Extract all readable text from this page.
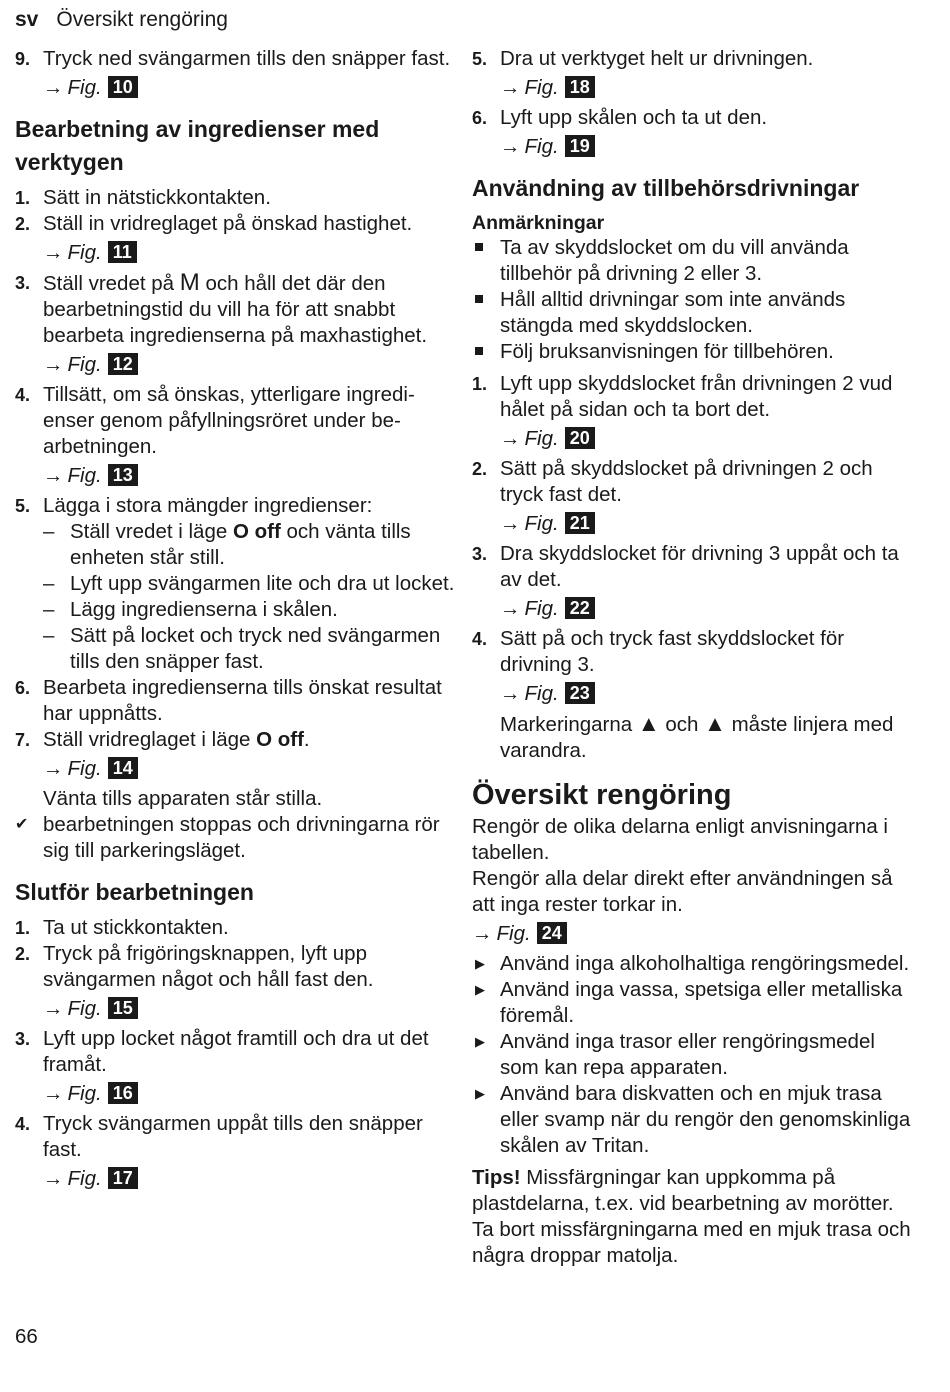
sv Översikt rengöring
9. Tryck ned svängarmen tills den snäpper fast.
→ Fig. 10
Bearbetning av ingredienser med verktygen
1. Sätt in nätstickkontakten.
2. Ställ in vridreglaget på önskad hastighet.
→ Fig. 11
3. Ställ vredet på M och håll det där den bearbetningstid du vill ha för att snabbt bearbeta ingredienserna på maxhastighet.
→ Fig. 12
4. Tillsätt, om så önskas, ytterligare ingredienser genom påfyllningsröret under bearbetningen.
→ Fig. 13
5. Lägga i stora mängder ingredienser:
– Ställ vredet i läge O off och vänta tills enheten står still.
– Lyft upp svängarmen lite och dra ut locket.
– Lägg ingredienserna i skålen.
– Sätt på locket och tryck ned svängarmen tills den snäpper fast.
6. Bearbeta ingredienserna tills önskat resultat har uppnåtts.
7. Ställ vridreglaget i läge O off.
→ Fig. 14
Vänta tills apparaten står stilla.
✔ bearbetningen stoppas och drivningarna rör sig till parkeringsläget.
Slutför bearbetningen
1. Ta ut stickkontakten.
2. Tryck på frigöringsknappen, lyft upp svängarmen något och håll fast den.
→ Fig. 15
3. Lyft upp locket något framtill och dra ut det framåt.
→ Fig. 16
4. Tryck svängarmen uppåt tills den snäpper fast.
→ Fig. 17
5. Dra ut verktyget helt ur drivningen.
→ Fig. 18
6. Lyft upp skålen och ta ut den.
→ Fig. 19
Användning av tillbehörsdrivningar
Anmärkningar
Ta av skyddslocket om du vill använda tillbehör på drivning 2 eller 3.
Håll alltid drivningar som inte används stängda med skyddslocken.
Följ bruksanvisningen för tillbehören.
1. Lyft upp skyddslocket från drivningen 2 vud hålet på sidan och ta bort det.
→ Fig. 20
2. Sätt på skyddslocket på drivningen 2 och tryck fast det.
→ Fig. 21
3. Dra skyddslocket för drivning 3 uppåt och ta av det.
→ Fig. 22
4. Sätt på och tryck fast skyddslocket för drivning 3.
→ Fig. 23
Markeringarna ▲ och ▲ måste linjera med varandra.
Översikt rengöring
Rengör de olika delarna enligt anvisningarna i tabellen.
Rengör alla delar direkt efter användningen så att inga rester torkar in.
→ Fig. 24
▶ Använd inga alkoholhaltiga rengöringsmedel.
▶ Använd inga vassa, spetsiga eller metalliska föremål.
▶ Använd inga trasor eller rengöringsmedel som kan repa apparaten.
▶ Använd bara diskvatten och en mjuk trasa eller svamp när du rengör den genomskinliga skålen av Tritan.
Tips! Missfärgningar kan uppkomma på plastdelarna, t.ex. vid bearbetning av morötter. Ta bort missfärgningarna med en mjuk trasa och några droppar matolja.
66
